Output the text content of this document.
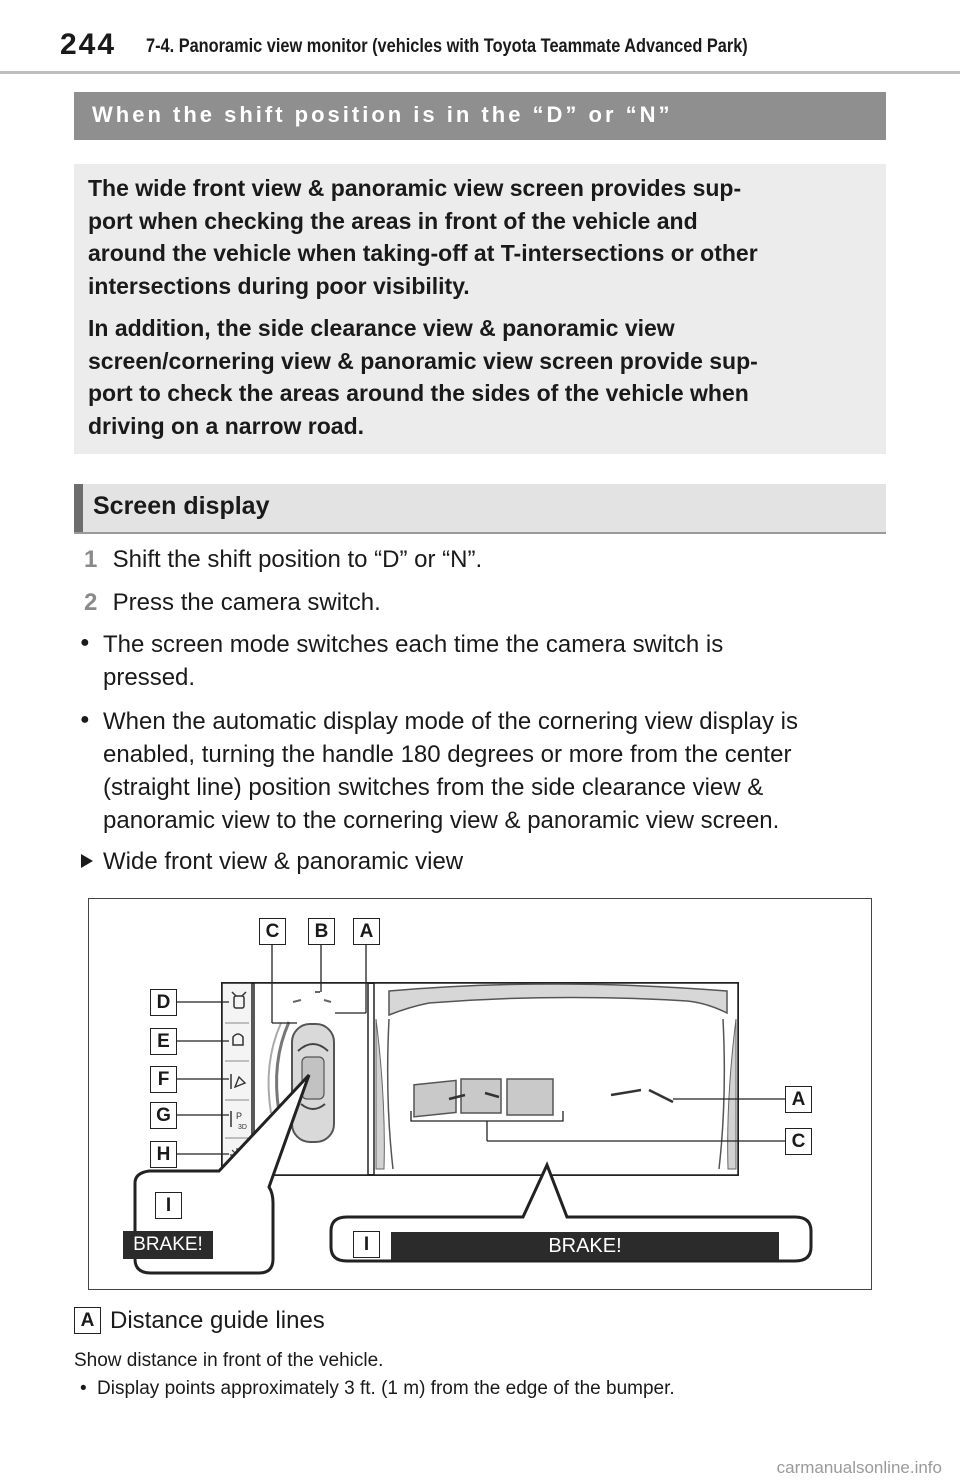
244 7-4. Panoramic view monitor (vehicles with Toyota Teammate Advanced Park)
When the shift position is in the “D” or “N”

The wide front view & panoramic view screen provides sup-
port when checking the areas in front of the vehicle and
around the vehicle when taking-off at T-intersections or other
intersections during poor visibility.

In addition, the side clearance view & panoramic view
screen/cornering view & panoramic view screen provide sup-
port to check the areas around the sides of the vehicle when
driving on a narrow road.

Screen display
1 Shift the shift position to “D” or “N”.
2 Press the camera switch.
● The screen mode switches each time the camera switch is
pressed.
● When the automatic display mode of the cornering view display is
enabled, turning the handle 180 degrees or more from the center
(straight line) position switches from the side clearance view &
panoramic view to the cornering view & panoramic view screen.
Wide front view & panoramic view
P
3D
C	B	A
D
E
F
G
H
A
C
I
I
BRAKE!	BRAKE!
A Distance guide lines
Show distance in front of the vehicle.
• Display points approximately 3 ft. (1 m) from the edge of the bumper.
carmanualsonline.info
